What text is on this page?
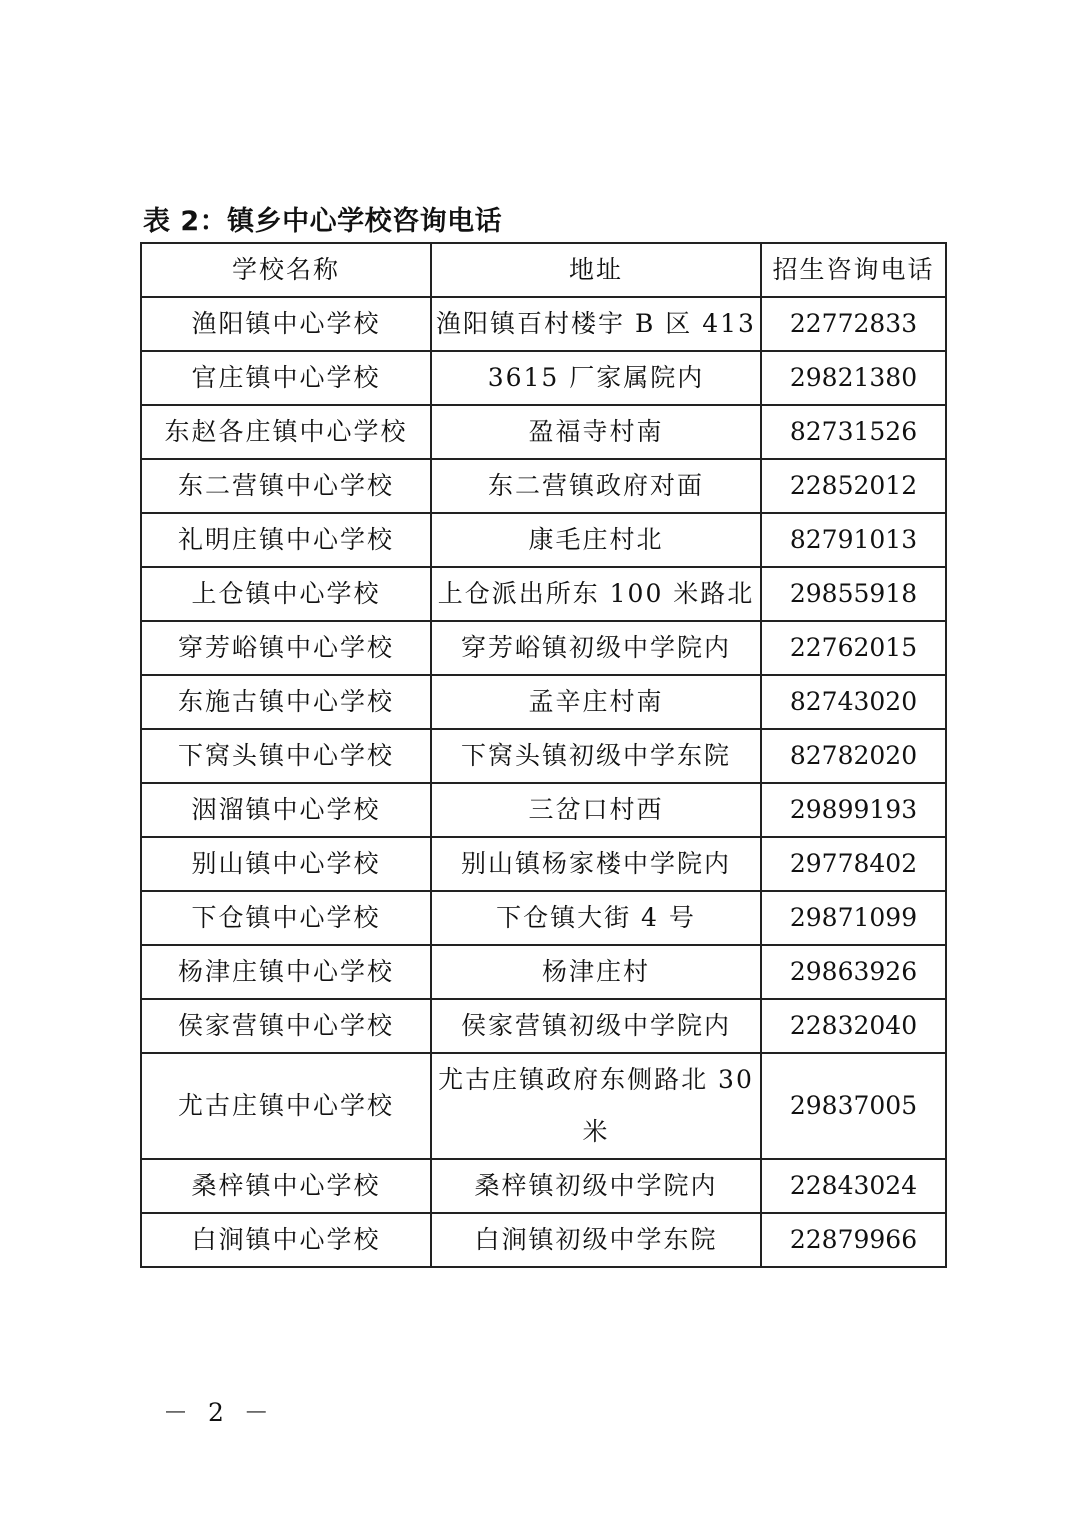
表 2：镇乡中心学校咨询电话
学校名称	地址	招生咨询电话
渔阳镇中心学校	渔阳镇百村楼宇 B 区 413	22772833
官庄镇中心学校	3615 厂家属院内	29821380
东赵各庄镇中心学校	盈福寺村南	82731526
东二营镇中心学校	东二营镇政府对面	22852012
礼明庄镇中心学校	康毛庄村北	82791013
上仓镇中心学校	上仓派出所东 100 米路北	29855918
穿芳峪镇中心学校	穿芳峪镇初级中学院内	22762015
东施古镇中心学校	孟辛庄村南	82743020
下窝头镇中心学校	下窝头镇初级中学东院	82782020
洇溜镇中心学校	三岔口村西	29899193
别山镇中心学校	别山镇杨家楼中学院内	29778402
下仓镇中心学校	下仓镇大街 4 号	29871099
杨津庄镇中心学校	杨津庄村	29863926
侯家营镇中心学校	侯家营镇初级中学院内	22832040
尤古庄镇中心学校	尤古庄镇政府东侧路北 30 米	29837005
桑梓镇中心学校	桑梓镇初级中学院内	22843024
白涧镇中心学校	白涧镇初级中学东院	22879966
－ 2 －
